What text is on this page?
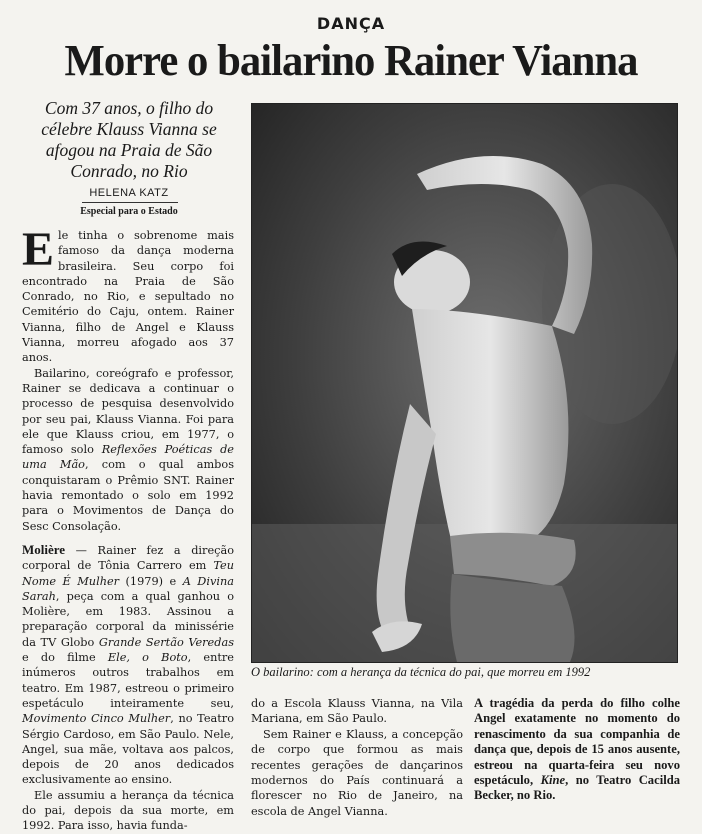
DANÇA
Morre o bailarino Rainer Vianna
Com 37 anos, o filho do célebre Klauss Vianna se afogou na Praia de São Conrado, no Rio
HELENA KATZ
Especial para o Estado

Ele tinha o sobrenome mais famoso da dança moderna brasileira. Seu corpo foi encontrado na Praia de São Conrado, no Rio, e sepultado no Cemitério do Caju, ontem. Rainer Vianna, filho de Angel e Klauss Vianna, morreu afogado aos 37 anos.

Bailarino, coreógrafo e professor, Rainer se dedicava a continuar o processo de pesquisa desenvolvido por seu pai, Klauss Vianna. Foi para ele que Klauss criou, em 1977, o famoso solo Reflexões Poéticas de uma Mão, com o qual ambos conquistaram o Prêmio SNT. Rainer havia remontado o solo em 1992 para o Movimentos de Dança do Sesc Consolação.

Molière — Rainer fez a direção corporal de Tônia Carrero em Teu Nome É Mulher (1979) e A Divina Sarah, peça com a qual ganhou o Molière, em 1983. Assinou a preparação corporal da minissérie da TV Globo Grande Sertão Veredas e do filme Ele, o Boto, entre inúmeros outros trabalhos em teatro. Em 1987, estreou o primeiro espetáculo inteiramente seu, Movimento Cinco Mulher, no Teatro Sérgio Cardoso, em São Paulo. Nele, Angel, sua mãe, voltava aos palcos, depois de 20 anos dedicados exclusivamente ao ensino.

Ele assumiu a herança da técnica do pai, depois da sua morte, em 1992. Para isso, havia funda-

O bailarino: com a herança da técnica do pai, que morreu em 1992

do a Escola Klauss Vianna, na Vila Mariana, em São Paulo.

Sem Rainer e Klauss, a concepção de corpo que formou as mais recentes gerações de dançarinos modernos do País continuará a florescer no Rio de Janeiro, na escola de Angel Vianna.

A tragédia da perda do filho colhe Angel exatamente no momento do renascimento da sua companhia de dança que, depois de 15 anos ausente, estreou na quarta-feira seu novo espetáculo, Kine, no Teatro Cacilda Becker, no Rio.
